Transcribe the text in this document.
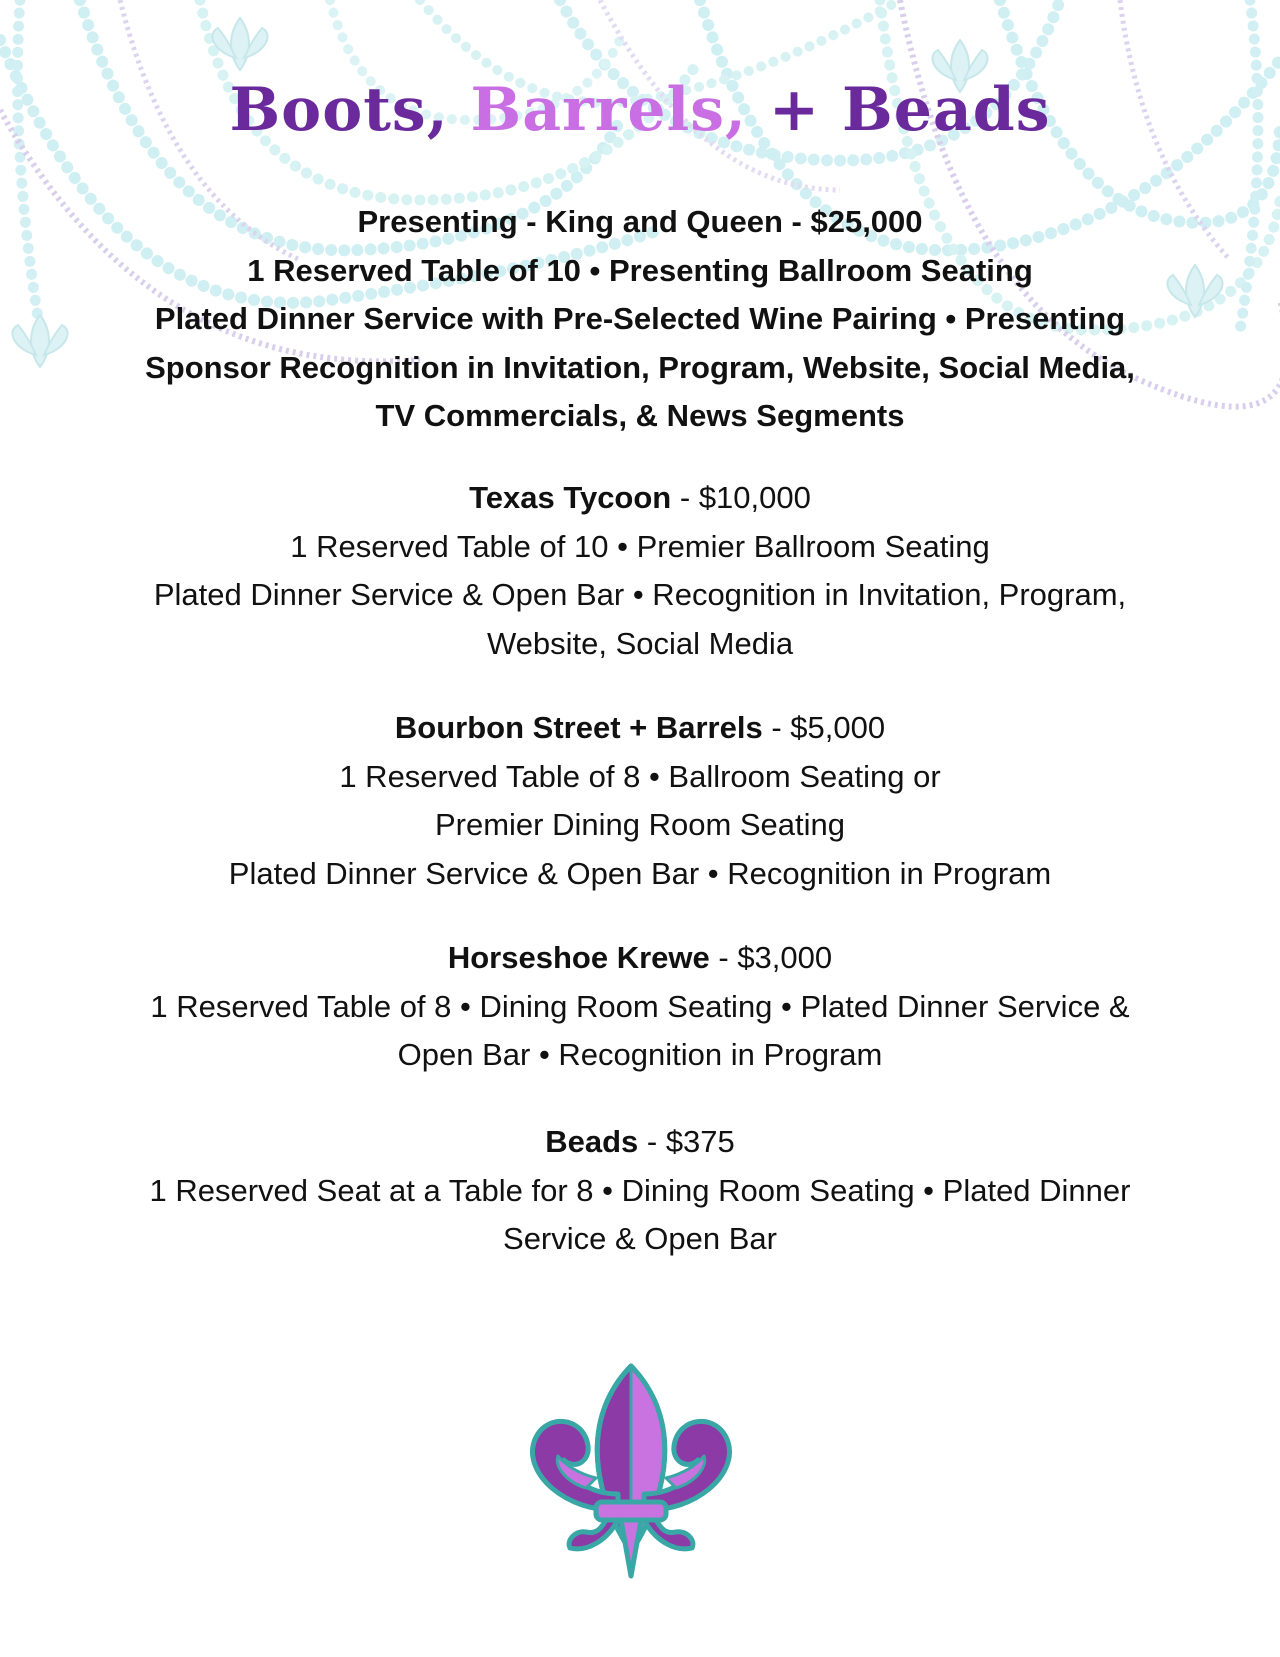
Boots, Barrels, + Beads
Presenting - King and Queen - $25,000
1 Reserved Table of 10 • Presenting Ballroom Seating
Plated Dinner Service with Pre-Selected Wine Pairing • Presenting
Sponsor Recognition in Invitation, Program, Website, Social Media,
TV Commercials, & News Segments
Texas Tycoon - $10,000
1 Reserved Table of 10 • Premier Ballroom Seating
Plated Dinner Service & Open Bar • Recognition in Invitation, Program,
Website, Social Media
Bourbon Street + Barrels - $5,000
1 Reserved Table of 8 • Ballroom Seating or
Premier Dining Room Seating
Plated Dinner Service & Open Bar • Recognition in Program
Horseshoe Krewe - $3,000
1 Reserved Table of 8 • Dining Room Seating • Plated Dinner Service &
Open Bar • Recognition in Program
Beads - $375
1 Reserved Seat at a Table for 8 • Dining Room Seating • Plated Dinner
Service & Open Bar
